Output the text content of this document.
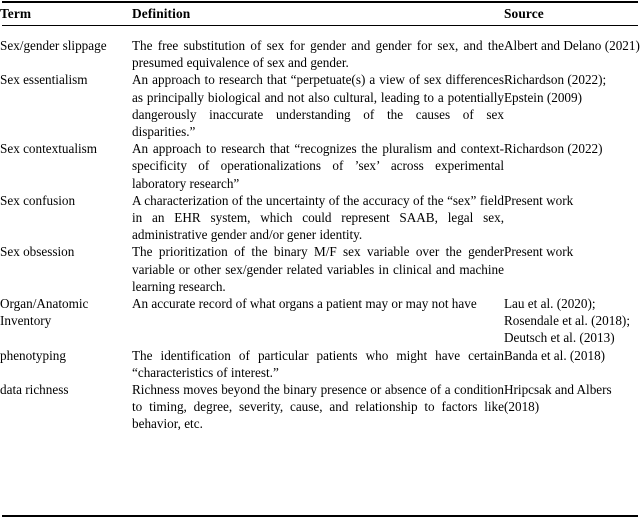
Term	Definition	Source
Sex/gender slippage	The free substitution of sex for gender and gender for sex, and the presumed equivalence of sex and gender.	Albert and Delano (2021)
Sex essentialism	An approach to research that “perpetuate(s) a view of sex differences as principally biological and not also cultural, leading to a potentially dangerously inaccurate understanding of the causes of sex disparities.”	Richardson (2022); Epstein (2009)
Sex contextualism	An approach to research that “recognizes the pluralism and context-specificity of operationalizations of ’sex’ across experimental laboratory research”	Richardson (2022)
Sex confusion	A characterization of the uncertainty of the accuracy of the “sex” field in an EHR system, which could represent SAAB, legal sex, administrative gender and/or gener identity.	Present work
Sex obsession	The prioritization of the binary M/F sex variable over the gender variable or other sex/gender related variables in clinical and machine learning research.	Present work
Organ/Anatomic Inventory	An accurate record of what organs a patient may or may not have	Lau et al. (2020); Rosendale et al. (2018); Deutsch et al. (2013)
phenotyping	The identification of particular patients who might have certain “characteristics of interest.”	Banda et al. (2018)
data richness	Richness moves beyond the binary presence or absence of a condition to timing, degree, severity, cause, and relationship to factors like behavior, etc.	Hripcsak and Albers (2018)
